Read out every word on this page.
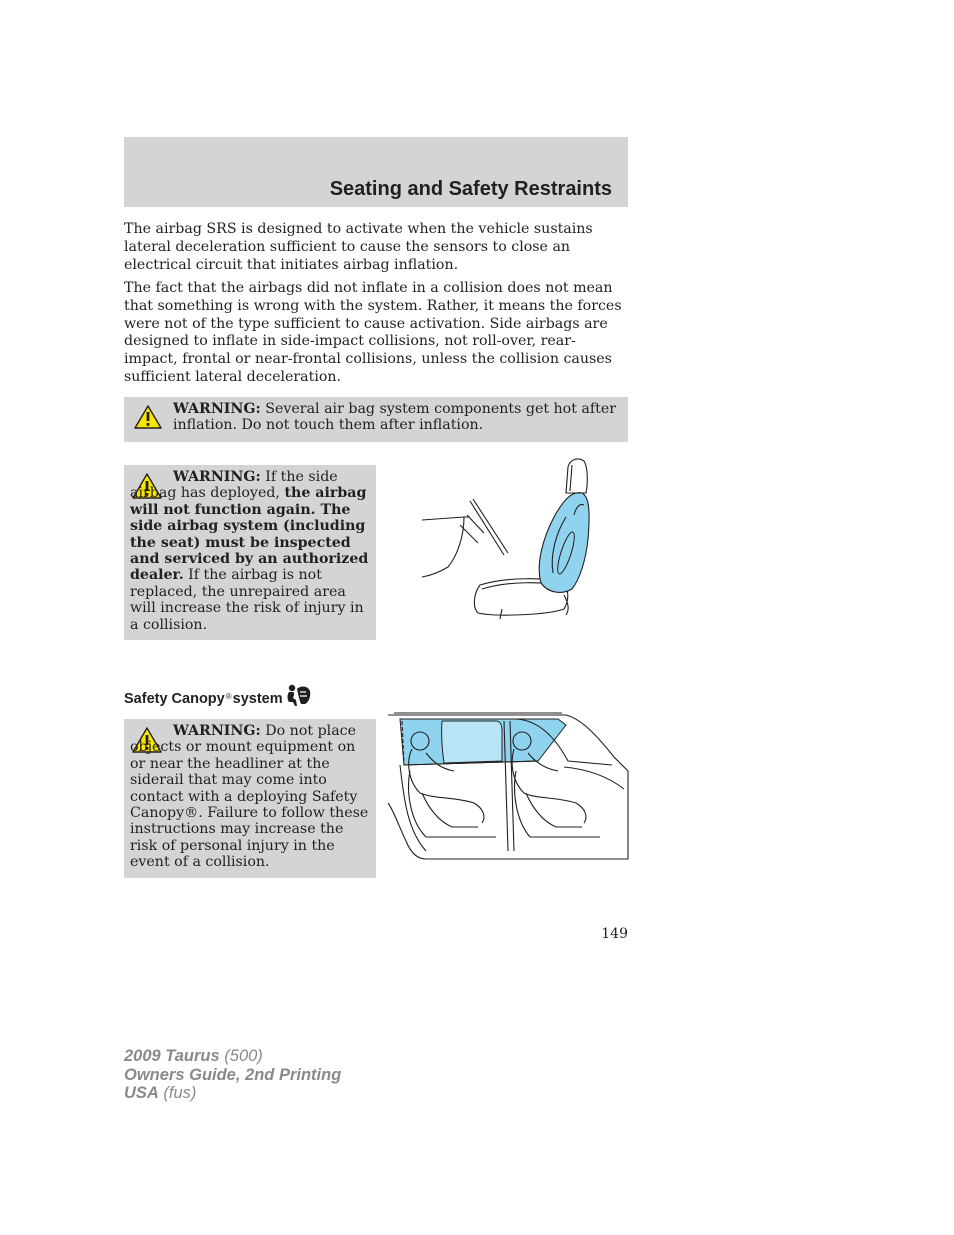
Seating and Safety Restraints

The airbag SRS is designed to activate when the vehicle sustains lateral deceleration sufficient to cause the sensors to close an electrical circuit that initiates airbag inflation.

The fact that the airbags did not inflate in a collision does not mean that something is wrong with the system. Rather, it means the forces were not of the type sufficient to cause activation. Side airbags are designed to inflate in side-impact collisions, not roll-over, rear-impact, frontal or near-frontal collisions, unless the collision causes sufficient lateral deceleration.

WARNING: Several air bag system components get hot after inflation. Do not touch them after inflation.

WARNING: If the side airbag has deployed, the airbag will not function again. The side airbag system (including the seat) must be inspected and serviced by an authorized dealer. If the airbag is not replaced, the unrepaired area will increase the risk of injury in a collision.

Safety Canopy® system

WARNING: Do not place objects or mount equipment on or near the headliner at the siderail that may come into contact with a deploying Safety Canopy®. Failure to follow these instructions may increase the risk of personal injury in the event of a collision.

149
2009 Taurus (500)
Owners Guide, 2nd Printing
USA (fus)
